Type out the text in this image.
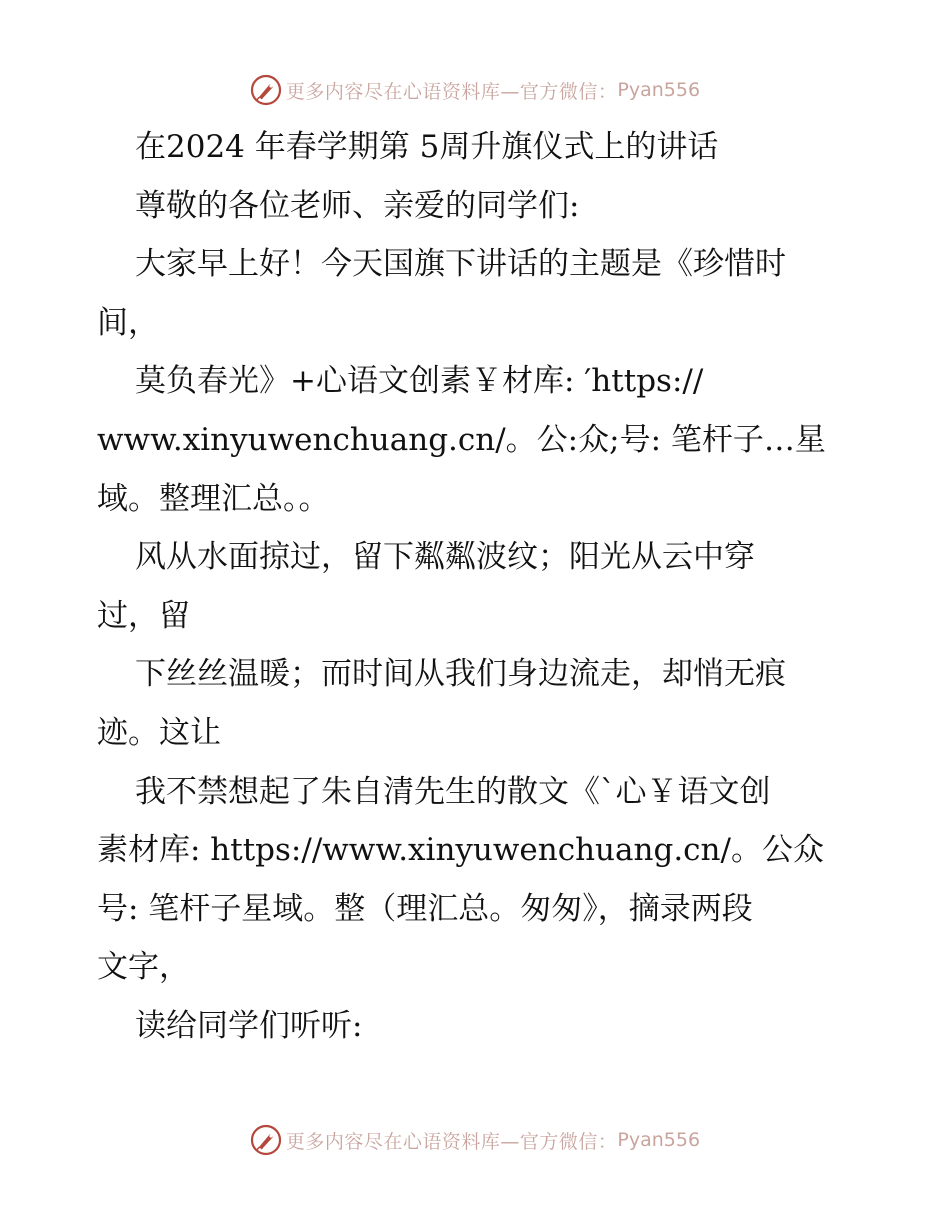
更多内容尽在心语资料库—官方微信： Pyan556
在2024 年春学期第 5周升旗仪式上的讲话
尊敬的各位老师、亲爱的同学们:
大家早上好！今天国旗下讲话的主题是《珍惜时
间，
莫负春光》+心语文创素￥材库: ′https://
www.xinyuwenchuang.cn/。公:众;号: 笔杆子…星
域。整理汇总。。
风从水面掠过，留下粼粼波纹；阳光从云中穿
过，留
下丝丝温暖；而时间从我们身边流走，却悄无痕
迹。这让
我不禁想起了朱自清先生的散文《`心￥语文创
素材库: https://www.xinyuwenchuang.cn/。公众
号: 笔杆子星域。整（理汇总。匆匆》，摘录两段
文字，
读给同学们听听:
更多内容尽在心语资料库—官方微信： Pyan556
